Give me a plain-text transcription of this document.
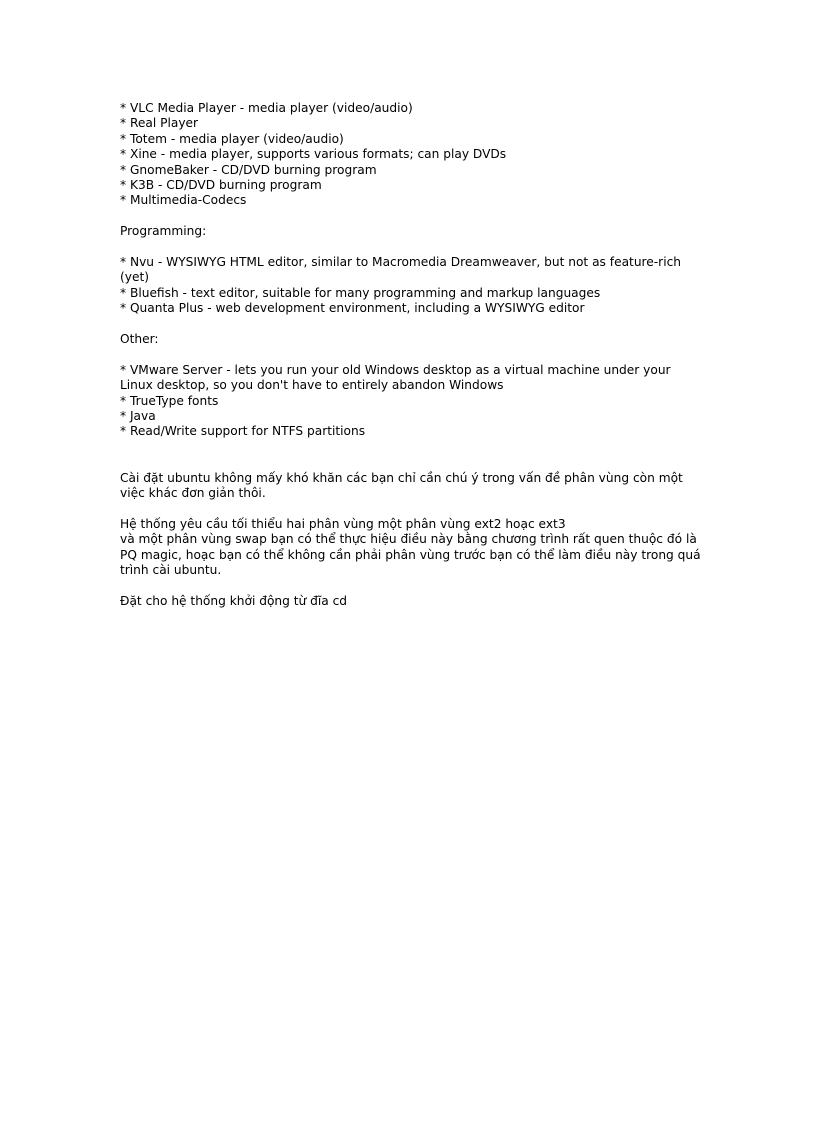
* VLC Media Player - media player (video/audio)
* Real Player
* Totem - media player (video/audio)
* Xine - media player, supports various formats; can play DVDs
* GnomeBaker - CD/DVD burning program
* K3B - CD/DVD burning program
* Multimedia-Codecs
Programming:
* Nvu - WYSIWYG HTML editor, similar to Macromedia Dreamweaver, but not as feature-rich
(yet)
* Bluefish - text editor, suitable for many programming and markup languages
* Quanta Plus - web development environment, including a WYSIWYG editor
Other:
* VMware Server - lets you run your old Windows desktop as a virtual machine under your
Linux desktop, so you don't have to entirely abandon Windows
* TrueType fonts
* Java
* Read/Write support for NTFS partitions
Cài đặt ubuntu không mấy khó khăn các bạn chỉ cần chú ý trong vấn đề phân vùng còn một
việc khác đơn giản thôi.
Hệ thống yêu cầu tối thiểu hai phân vùng một phân vùng ext2 hoạc ext3
và một phân vùng swap bạn có thể thực hiệu điều này bằng chương trình rất quen thuộc đó là
PQ magic, hoạc bạn có thể không cần phải phân vùng trước bạn có thể làm điều này trong quá
trình cài ubuntu.
Đặt cho hệ thống khởi động từ đĩa cd
